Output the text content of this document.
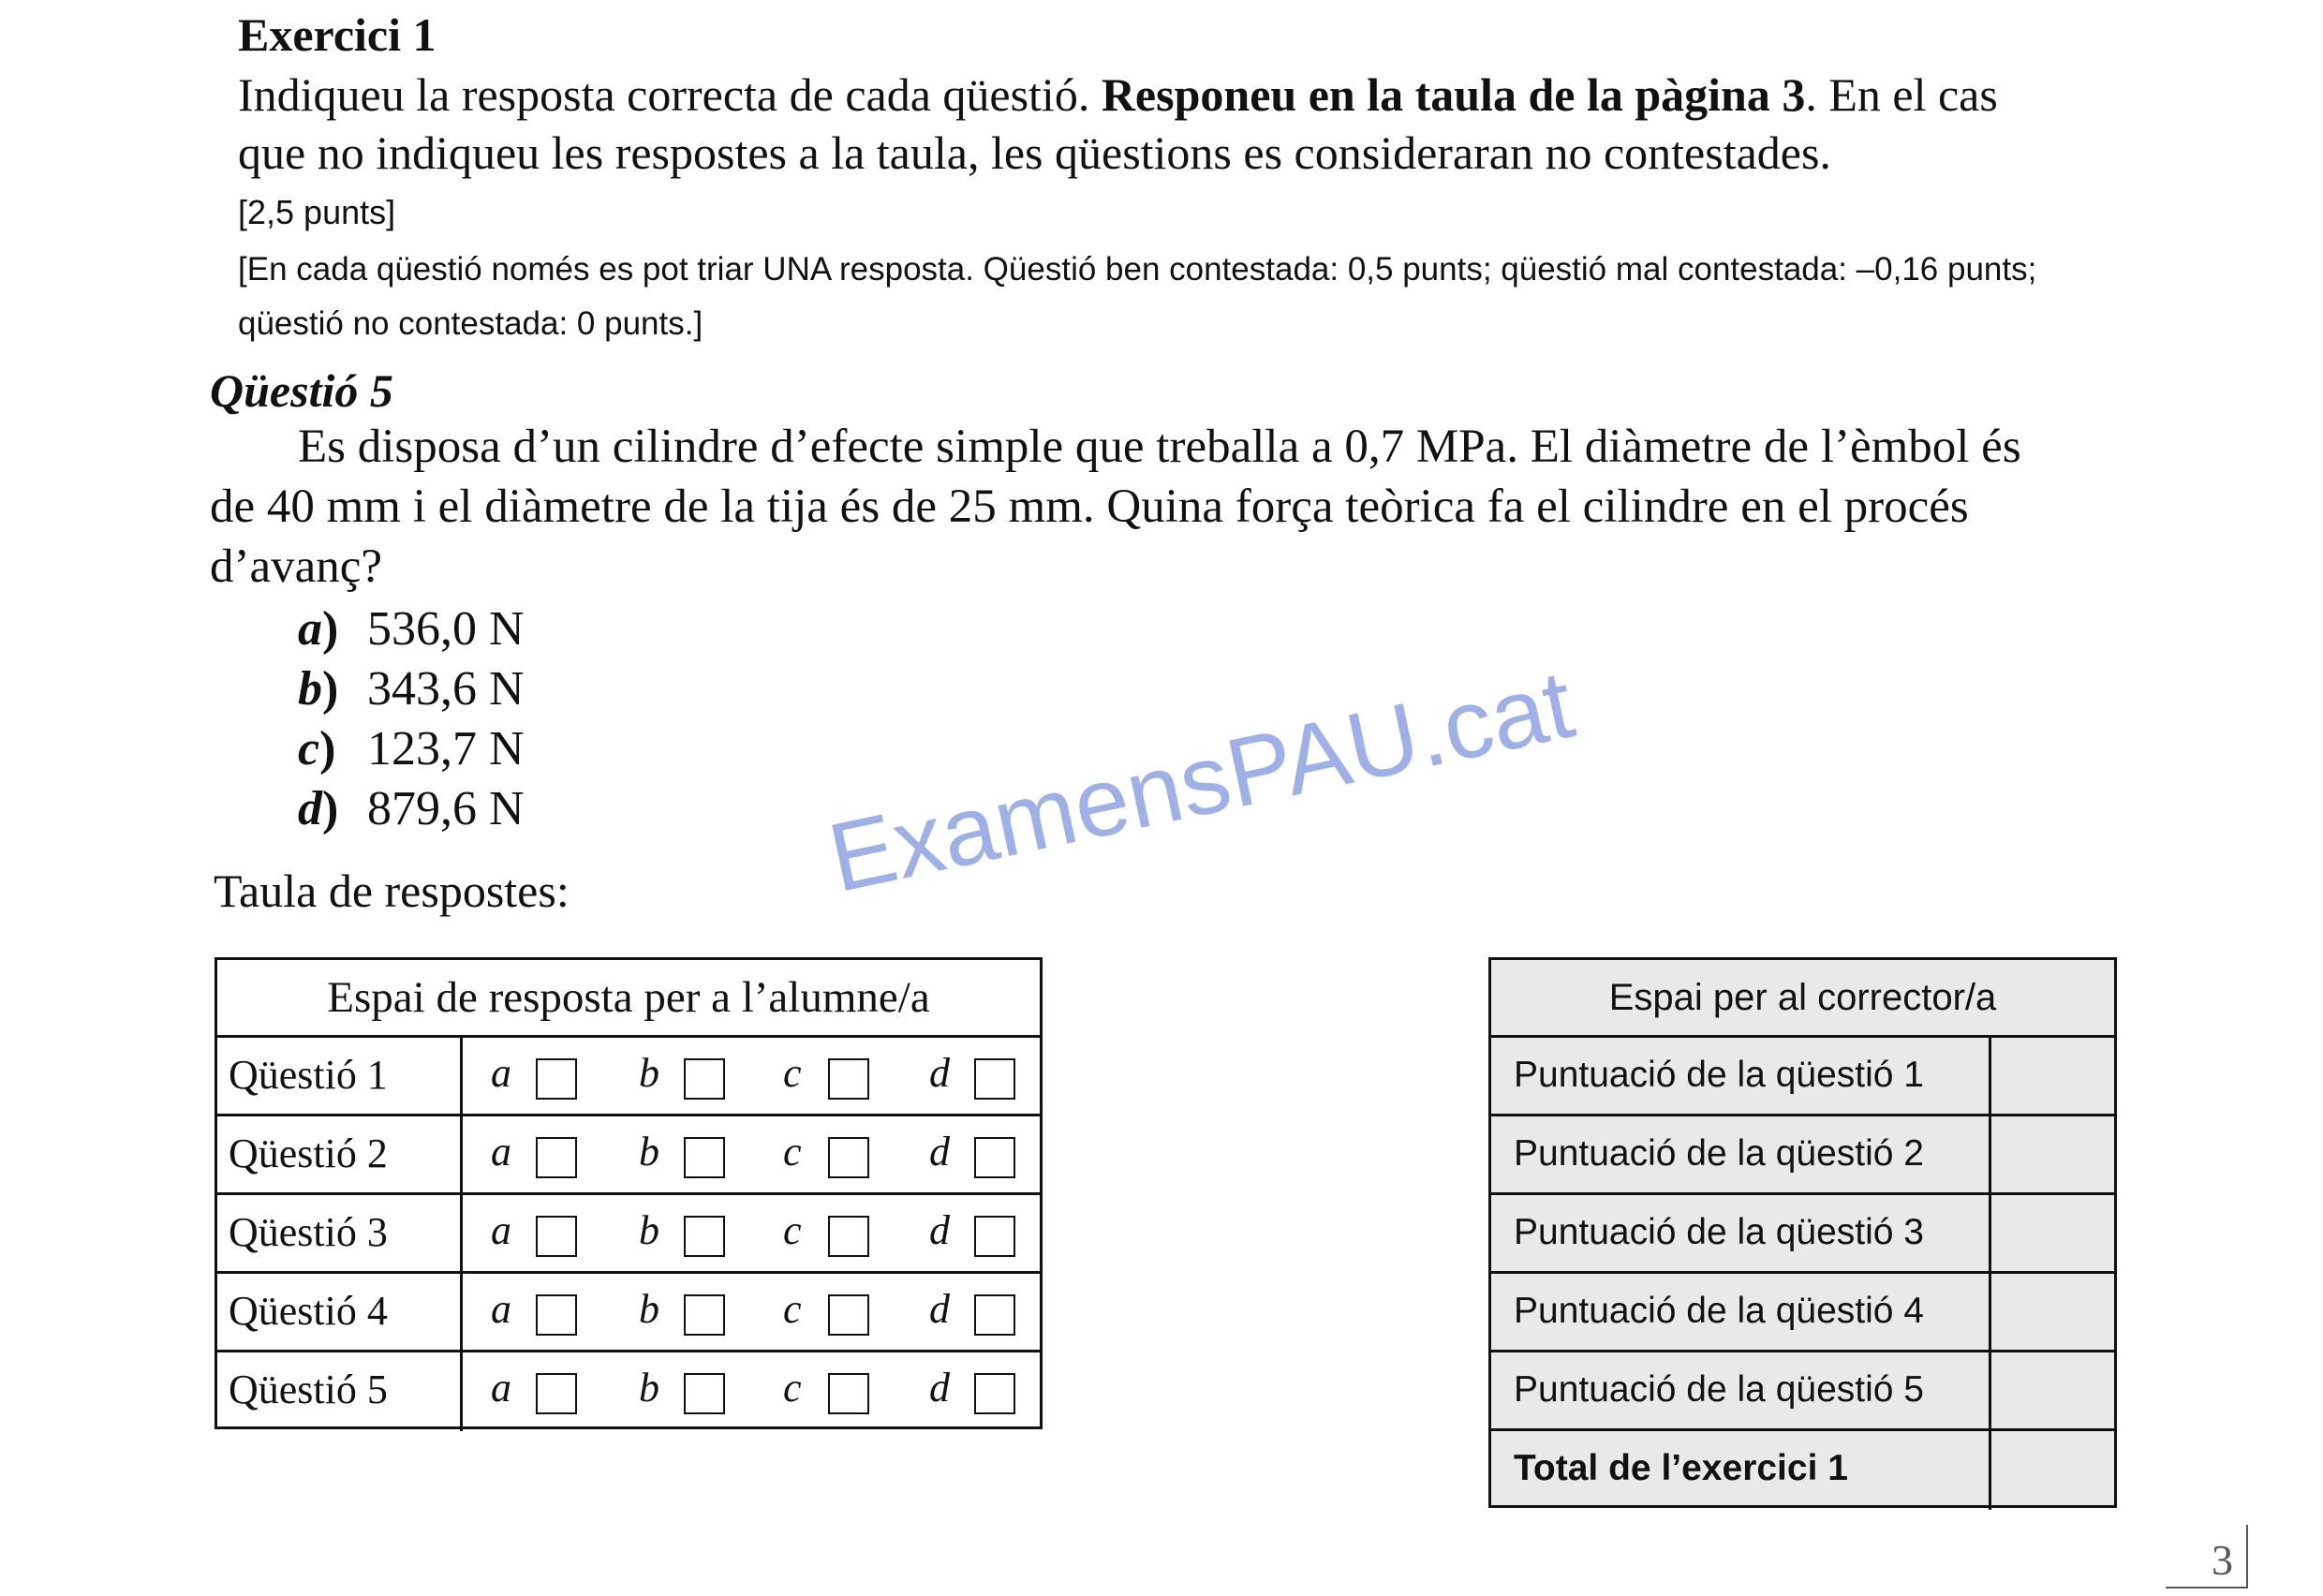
Exercici 1
Indiqueu la resposta correcta de cada qüestió. Responeu en la taula de la pàgina 3. En el cas
que no indiqueu les respostes a la taula, les qüestions es consideraran no contestades.
[2,5 punts]
[En cada qüestió només es pot triar UNA resposta. Qüestió ben contestada: 0,5 punts; qüestió mal contestada: –0,16 punts;
qüestió no contestada: 0 punts.]
Qüestió 5
Es disposa d’un cilindre d’efecte simple que treballa a 0,7 MPa. El diàmetre de l’èmbol és
de 40 mm i el diàmetre de la tija és de 25 mm. Quina força teòrica fa el cilindre en el procés
d’avanç?
a) 536,0 N
b) 343,6 N
c) 123,7 N
d) 879,6 N
Taula de respostes:	ExamensPAU.cat
Espai de resposta per a l’alumne/a
Qüestió 1	a	b	c	d
Qüestió 2	a	b	c	d
Qüestió 3	a	b	c	d
Qüestió 4	a	b	c	d
Qüestió 5	a	b	c	d
Espai per al corrector/a
Puntuació de la qüestió 1
Puntuació de la qüestió 2
Puntuació de la qüestió 3
Puntuació de la qüestió 4
Puntuació de la qüestió 5
Total de l’exercici 1
3
